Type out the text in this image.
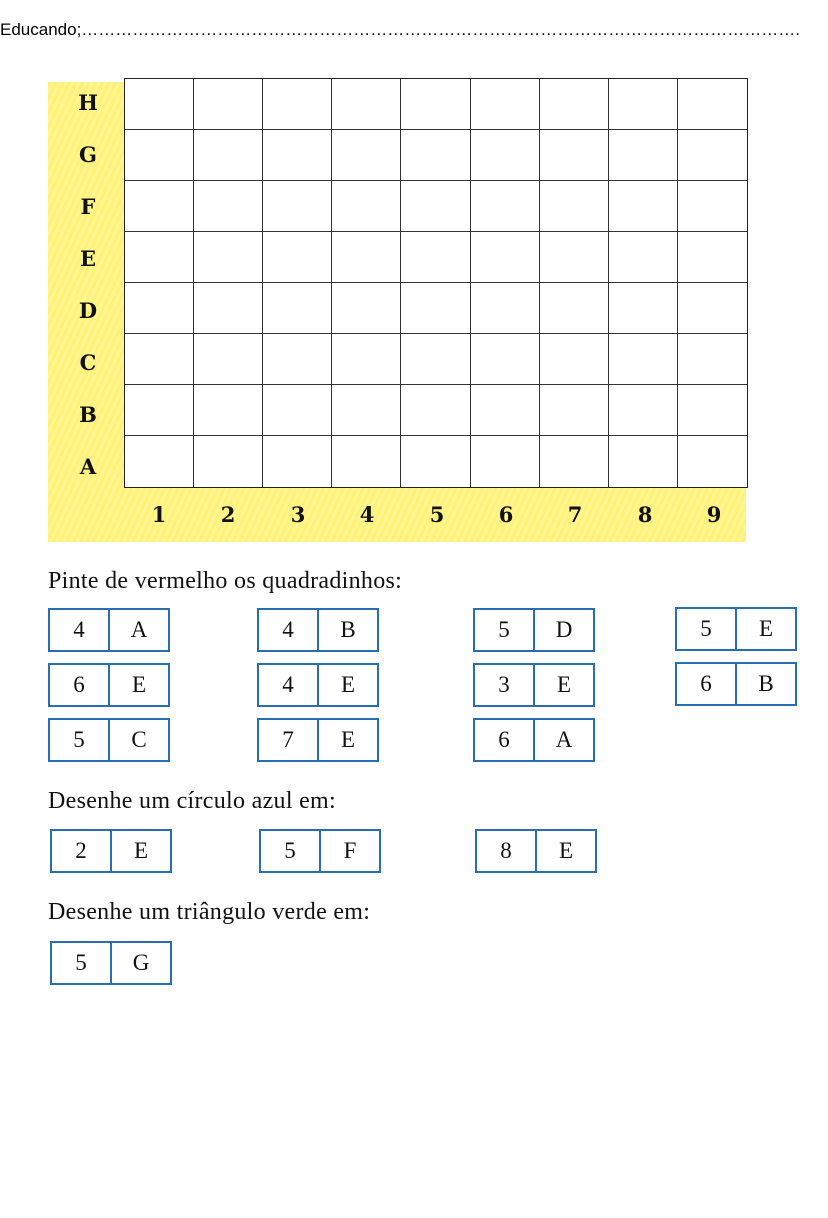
Educando;……………………………………………………………………………………………………………….
H
G
F
E
D
C
B
A
1	2	3	4	5	6	7	8	9
Pinte de vermelho os quadradinhos:
4	A	4	B	5	D	5	E
6	E	4	E	3	E	6	B
5	C	7	E	6	A
Desenhe um círculo azul em:
2	E	5	F	8	E
Desenhe um triângulo verde em:
5	G
